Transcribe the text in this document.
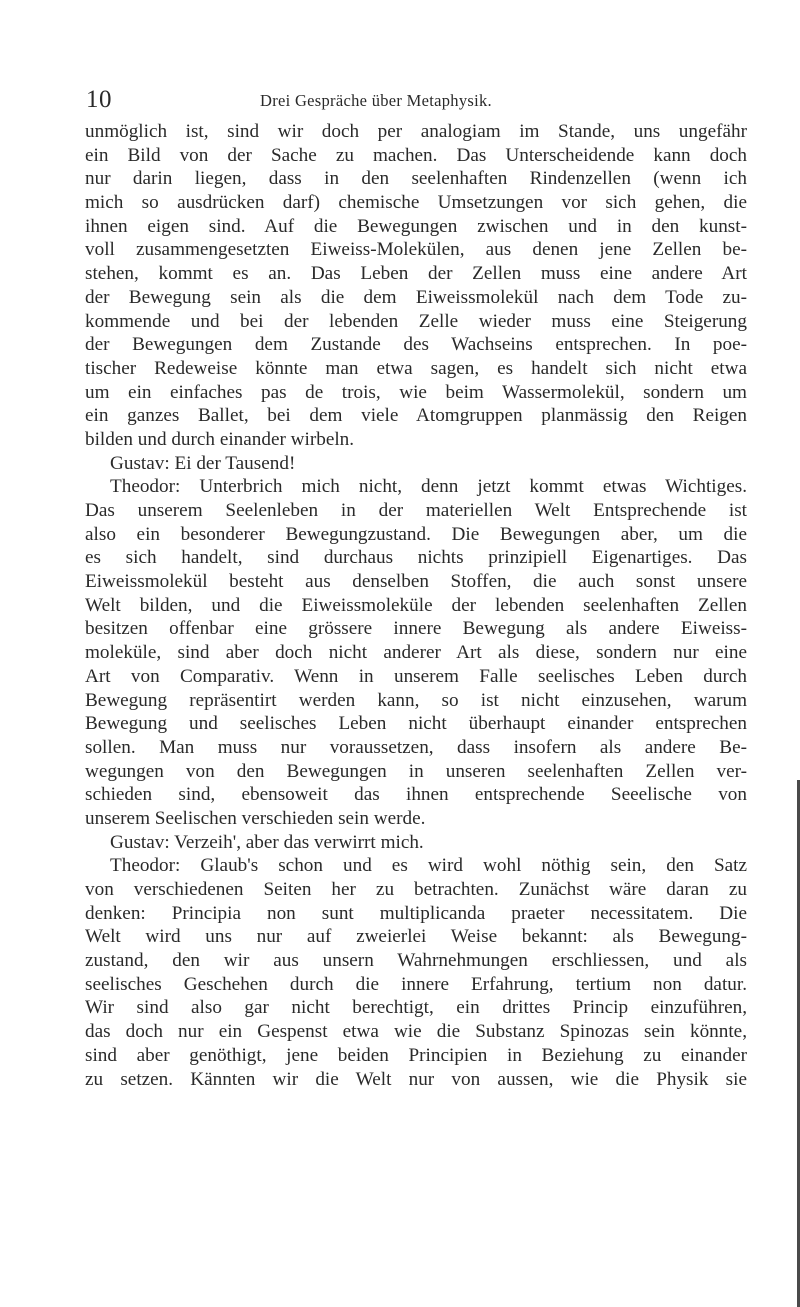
10	Drei Gespräche über Metaphysik.
unmöglich ist, sind wir doch per analogiam im Stande, uns ungefähr
ein Bild von der Sache zu machen. Das Unterscheidende kann doch
nur darin liegen, dass in den seelenhaften Rindenzellen (wenn ich
mich so ausdrücken darf) chemische Umsetzungen vor sich gehen, die
ihnen eigen sind. Auf die Bewegungen zwischen und in den kunst-
voll zusammengesetzten Eiweiss-Molekülen, aus denen jene Zellen be-
stehen, kommt es an. Das Leben der Zellen muss eine andere Art
der Bewegung sein als die dem Eiweissmolekül nach dem Tode zu-
kommende und bei der lebenden Zelle wieder muss eine Steigerung
der Bewegungen dem Zustande des Wachseins entsprechen. In poe-
tischer Redeweise könnte man etwa sagen, es handelt sich nicht etwa
um ein einfaches pas de trois, wie beim Wassermolekül, sondern um
ein ganzes Ballet, bei dem viele Atomgruppen planmässig den Reigen
bilden und durch einander wirbeln.
Gustav: Ei der Tausend!
Theodor: Unterbrich mich nicht, denn jetzt kommt etwas Wichtiges.
Das unserem Seelenleben in der materiellen Welt Entsprechende ist
also ein besonderer Bewegungzustand. Die Bewegungen aber, um die
es sich handelt, sind durchaus nichts prinzipiell Eigenartiges. Das
Eiweissmolekül besteht aus denselben Stoffen, die auch sonst unsere
Welt bilden, und die Eiweissmoleküle der lebenden seelenhaften Zellen
besitzen offenbar eine grössere innere Bewegung als andere Eiweiss-
moleküle, sind aber doch nicht anderer Art als diese, sondern nur eine
Art von Comparativ. Wenn in unserem Falle seelisches Leben durch
Bewegung repräsentirt werden kann, so ist nicht einzusehen, warum
Bewegung und seelisches Leben nicht überhaupt einander entsprechen
sollen. Man muss nur voraussetzen, dass insofern als andere Be-
wegungen von den Bewegungen in unseren seelenhaften Zellen ver-
schieden sind, ebensoweit das ihnen entsprechende Seeelische von
unserem Seelischen verschieden sein werde.
Gustav: Verzeih', aber das verwirrt mich.
Theodor: Glaub's schon und es wird wohl nöthig sein, den Satz
von verschiedenen Seiten her zu betrachten. Zunächst wäre daran zu
denken: Principia non sunt multiplicanda praeter necessitatem. Die
Welt wird uns nur auf zweierlei Weise bekannt: als Bewegung-
zustand, den wir aus unsern Wahrnehmungen erschliessen, und als
seelisches Geschehen durch die innere Erfahrung, tertium non datur.
Wir sind also gar nicht berechtigt, ein drittes Princip einzuführen,
das doch nur ein Gespenst etwa wie die Substanz Spinozas sein könnte,
sind aber genöthigt, jene beiden Principien in Beziehung zu einander
zu setzen. Kännten wir die Welt nur von aussen, wie die Physik sie
